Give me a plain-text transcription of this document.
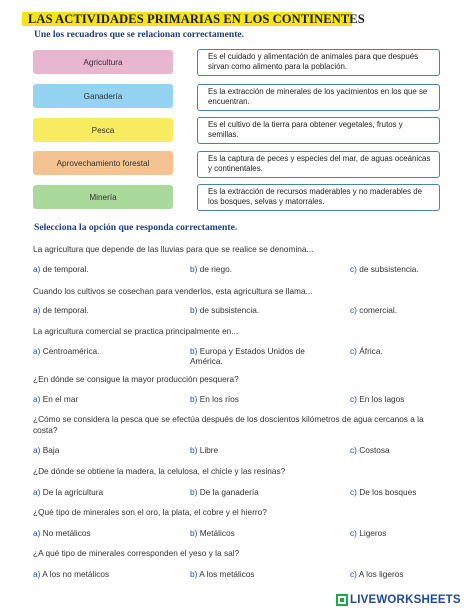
LAS ACTIVIDADES PRIMARIAS EN LOS CONTINENTES
Une los recuadros que se relacionan correctamente.
Agricultura
Ganadería
Pesca
Aprovechamiento forestal
Minería
Es el cuidado y alimentación de animales para que después sirvan como alimento para la población.
Es la extracción de minerales de los yacimientos en los que se encuentran.
Es el cultivo de la tierra para obtener vegetales, frutos y semillas.
Es la captura de peces y especies del mar, de aguas oceánicas y continentales.
Es la extracción de recursos maderables y no maderables de los bosques, selvas y matorrales.
Selecciona la opción que responda correctamente.
La agricultura que depende de las lluvias para que se realice se denomina...
a) de temporal.	b) de riego.	c) de subsistencia.
Cuando los cultivos se cosechan para venderlos, esta agricultura se llama...
a) de temporal.	b) de subsistencia.	c) comercial.
La agricultura comercial se practica principalmente en...
a) Centroamérica.	b) Europa y Estados Unidos de América.
c) África.
¿En dónde se consigue la mayor producción pesquera?
a) En el mar	b) En los ríos	c) En los lagos
¿Cómo se considera la pesca que se efectúa después de los doscientos kilómetros de agua cercanos a la costa?
a) Baja	b) Libre	c) Costosa
¿De dónde se obtiene la madera, la celulosa, el chicle y las resinas?
a) De la agricultura	b) De la ganadería	c) De los bosques
¿Qué tipo de minerales son el oro, la plata, el cobre y el hierro?
a) No metálicos	b) Metálicos	c) Ligeros
¿A qué tipo de minerales corresponden el yeso y la sal?
a) A los no metálicos	b) A los metálicos	c) A los ligeros
LIVEWORKSHEETS
